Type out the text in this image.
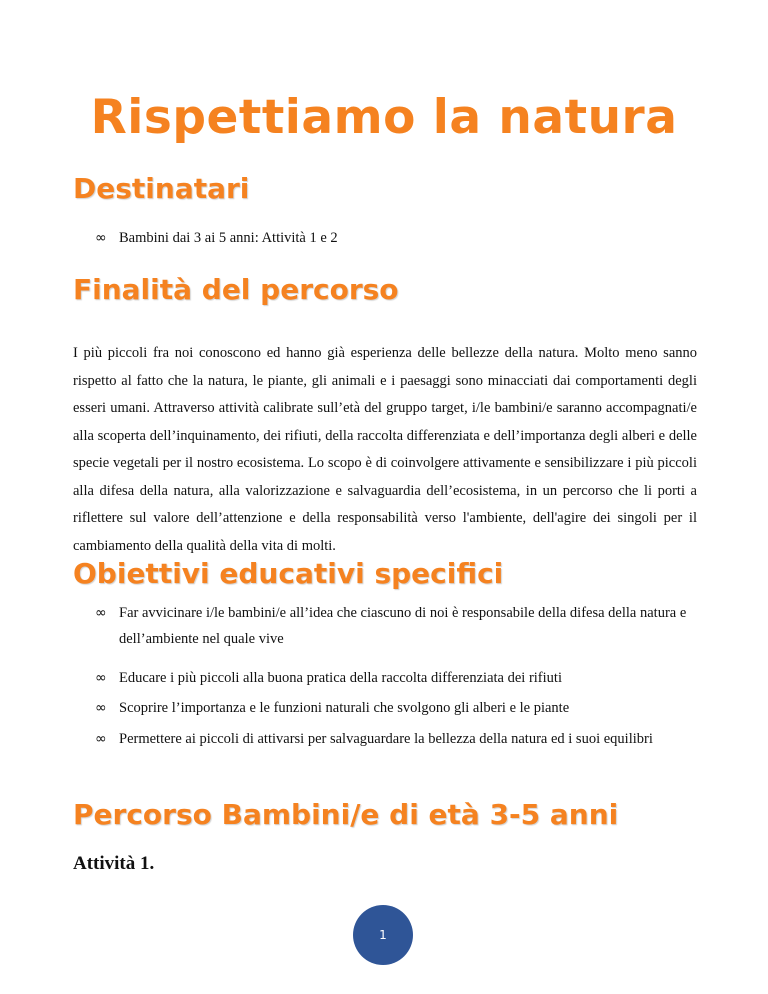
Rispettiamo la natura
Destinatari
∞ Bambini dai 3 ai 5 anni: Attività 1 e 2
Finalità del percorso

I più piccoli fra noi conoscono ed hanno già esperienza delle bellezze della natura. Molto meno sanno rispetto al fatto che la natura, le piante, gli animali e i paesaggi sono minacciati dai comportamenti degli esseri umani. Attraverso attività calibrate sull’età del gruppo target, i/le bambini/e saranno accompagnati/e alla scoperta dell’inquinamento, dei rifiuti, della raccolta differenziata e dell’importanza degli alberi e delle specie vegetali per il nostro ecosistema. Lo scopo è di coinvolgere attivamente e sensibilizzare i più piccoli alla difesa della natura, alla valorizzazione e salvaguardia dell’ecosistema, in un percorso che li porti a riflettere sul valore dell’attenzione e della responsabilità verso l'ambiente, dell'agire dei singoli per il cambiamento della qualità della vita di molti.

Obiettivi educativi specifici
∞ Far avvicinare i/le bambini/e all’idea che ciascuno di noi è responsabile della difesa della natura e dell’ambiente nel quale vive
∞ Educare i più piccoli alla buona pratica della raccolta differenziata dei rifiuti
∞ Scoprire l’importanza e le funzioni naturali che svolgono gli alberi e le piante
∞ Permettere ai piccoli di attivarsi per salvaguardare la bellezza della natura ed i suoi equilibri
Percorso Bambini/e di età 3-5 anni
Attività 1.
1
